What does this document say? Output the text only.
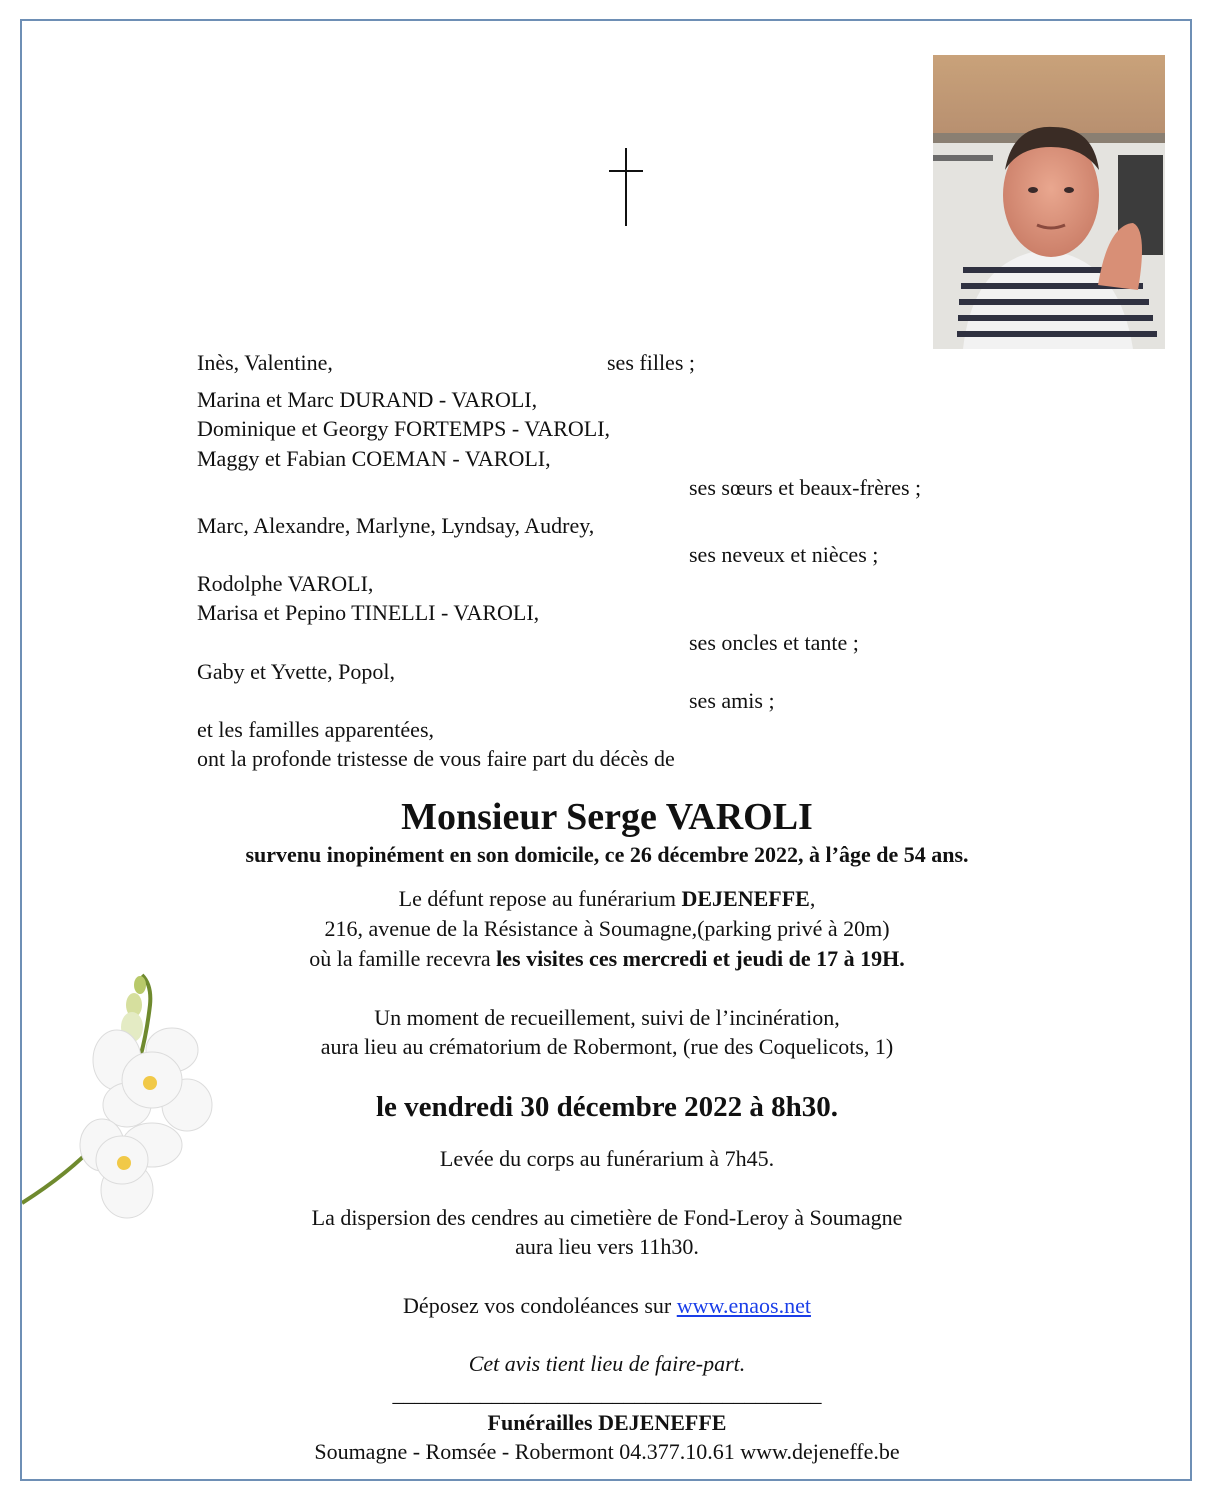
Inès, Valentine,	ses filles ;
Marina et Marc DURAND - VAROLI,
Dominique et Georgy FORTEMPS - VAROLI,
Maggy et Fabian COEMAN - VAROLI,
ses sœurs et beaux-frères ;
Marc, Alexandre, Marlyne, Lyndsay, Audrey,
ses neveux et nièces ;
Rodolphe VAROLI,
Marisa et Pepino TINELLI - VAROLI,
ses oncles et tante ;
Gaby et Yvette, Popol,
ses amis ;
et les familles apparentées,
ont la profonde tristesse de vous faire part du décès de
Monsieur Serge VAROLI
survenu inopinément en son domicile, ce 26 décembre 2022, à l’âge de 54 ans.
Le défunt repose au funérarium DEJENEFFE,
216, avenue de la Résistance à Soumagne,(parking privé à 20m)
où la famille recevra les visites ces mercredi et jeudi de 17 à 19H.
Un moment de recueillement, suivi de l’incinération,
aura lieu au crématorium de Robermont, (rue des Coquelicots, 1)
le vendredi 30 décembre 2022 à 8h30.
Levée du corps au funérarium à 7h45.
La dispersion des cendres au cimetière de Fond-Leroy à Soumagne
aura lieu vers 11h30.
Déposez vos condoléances sur www.enaos.net
Cet avis tient lieu de faire-part.
_______________________________________
Funérailles DEJENEFFE
Soumagne - Romsée - Robermont 04.377.10.61 www.dejeneffe.be
